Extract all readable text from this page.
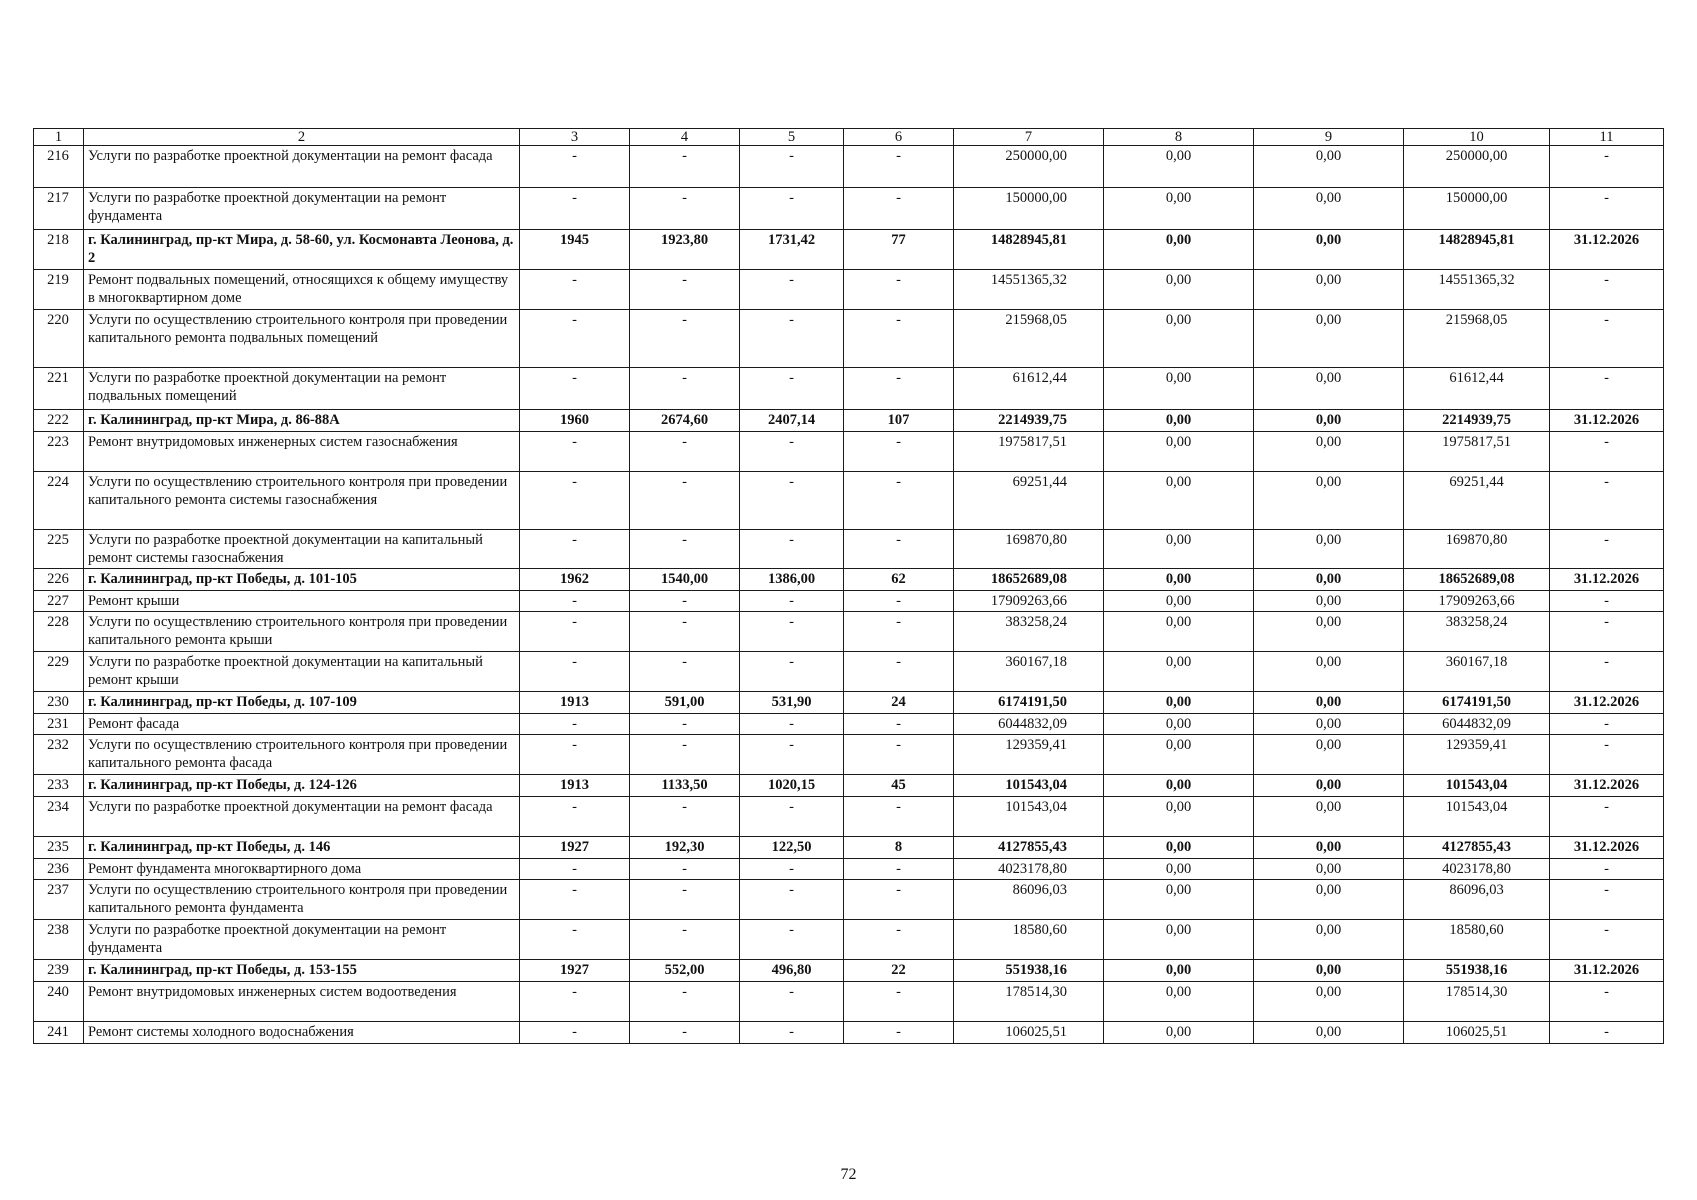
1	2	3	4	5	6	7	8	9	10	11
216	Услуги по разработке проектной документации на ремонт фасада	-	-	-	-	250000,00	0,00	0,00	250000,00	-
217	Услуги по разработке проектной документации на ремонт фундамента	-	-	-	-	150000,00	0,00	0,00	150000,00	-
218	г. Калининград, пр-кт Мира, д. 58-60, ул. Космонавта Леонова, д. 2	1945	1923,80	1731,42	77	14828945,81	0,00	0,00	14828945,81	31.12.2026
219	Ремонт подвальных помещений, относящихся к общему имуществу в многоквартирном доме	-	-	-	-	14551365,32	0,00	0,00	14551365,32	-
220	Услуги по осуществлению строительного контроля при проведении капитального ремонта подвальных помещений	-	-	-	-	215968,05	0,00	0,00	215968,05	-
221	Услуги по разработке проектной документации на ремонт подвальных помещений	-	-	-	-	61612,44	0,00	0,00	61612,44	-
222	г. Калининград, пр-кт Мира, д. 86-88А	1960	2674,60	2407,14	107	2214939,75	0,00	0,00	2214939,75	31.12.2026
223	Ремонт внутридомовых инженерных систем газоснабжения	-	-	-	-	1975817,51	0,00	0,00	1975817,51	-
224	Услуги по осуществлению строительного контроля при проведении капитального ремонта системы газоснабжения	-	-	-	-	69251,44	0,00	0,00	69251,44	-
225	Услуги по разработке проектной документации на капитальный ремонт системы газоснабжения	-	-	-	-	169870,80	0,00	0,00	169870,80	-
226	г. Калининград, пр-кт Победы, д. 101-105	1962	1540,00	1386,00	62	18652689,08	0,00	0,00	18652689,08	31.12.2026
227	Ремонт крыши	-	-	-	-	17909263,66	0,00	0,00	17909263,66	-
228	Услуги по осуществлению строительного контроля при проведении капитального ремонта крыши	-	-	-	-	383258,24	0,00	0,00	383258,24	-
229	Услуги по разработке проектной документации на капитальный ремонт крыши	-	-	-	-	360167,18	0,00	0,00	360167,18	-
230	г. Калининград, пр-кт Победы, д. 107-109	1913	591,00	531,90	24	6174191,50	0,00	0,00	6174191,50	31.12.2026
231	Ремонт фасада	-	-	-	-	6044832,09	0,00	0,00	6044832,09	-
232	Услуги по осуществлению строительного контроля при проведении капитального ремонта фасада	-	-	-	-	129359,41	0,00	0,00	129359,41	-
233	г. Калининград, пр-кт Победы, д. 124-126	1913	1133,50	1020,15	45	101543,04	0,00	0,00	101543,04	31.12.2026
234	Услуги по разработке проектной документации на ремонт фасада	-	-	-	-	101543,04	0,00	0,00	101543,04	-
235	г. Калининград, пр-кт Победы, д. 146	1927	192,30	122,50	8	4127855,43	0,00	0,00	4127855,43	31.12.2026
236	Ремонт фундамента многоквартирного дома	-	-	-	-	4023178,80	0,00	0,00	4023178,80	-
237	Услуги по осуществлению строительного контроля при проведении капитального ремонта фундамента	-	-	-	-	86096,03	0,00	0,00	86096,03	-
238	Услуги по разработке проектной документации на ремонт фундамента	-	-	-	-	18580,60	0,00	0,00	18580,60	-
239	г. Калининград, пр-кт Победы, д. 153-155	1927	552,00	496,80	22	551938,16	0,00	0,00	551938,16	31.12.2026
240	Ремонт внутридомовых инженерных систем водоотведения	-	-	-	-	178514,30	0,00	0,00	178514,30	-
241	Ремонт системы холодного водоснабжения	-	-	-	-	106025,51	0,00	0,00	106025,51	-
72
